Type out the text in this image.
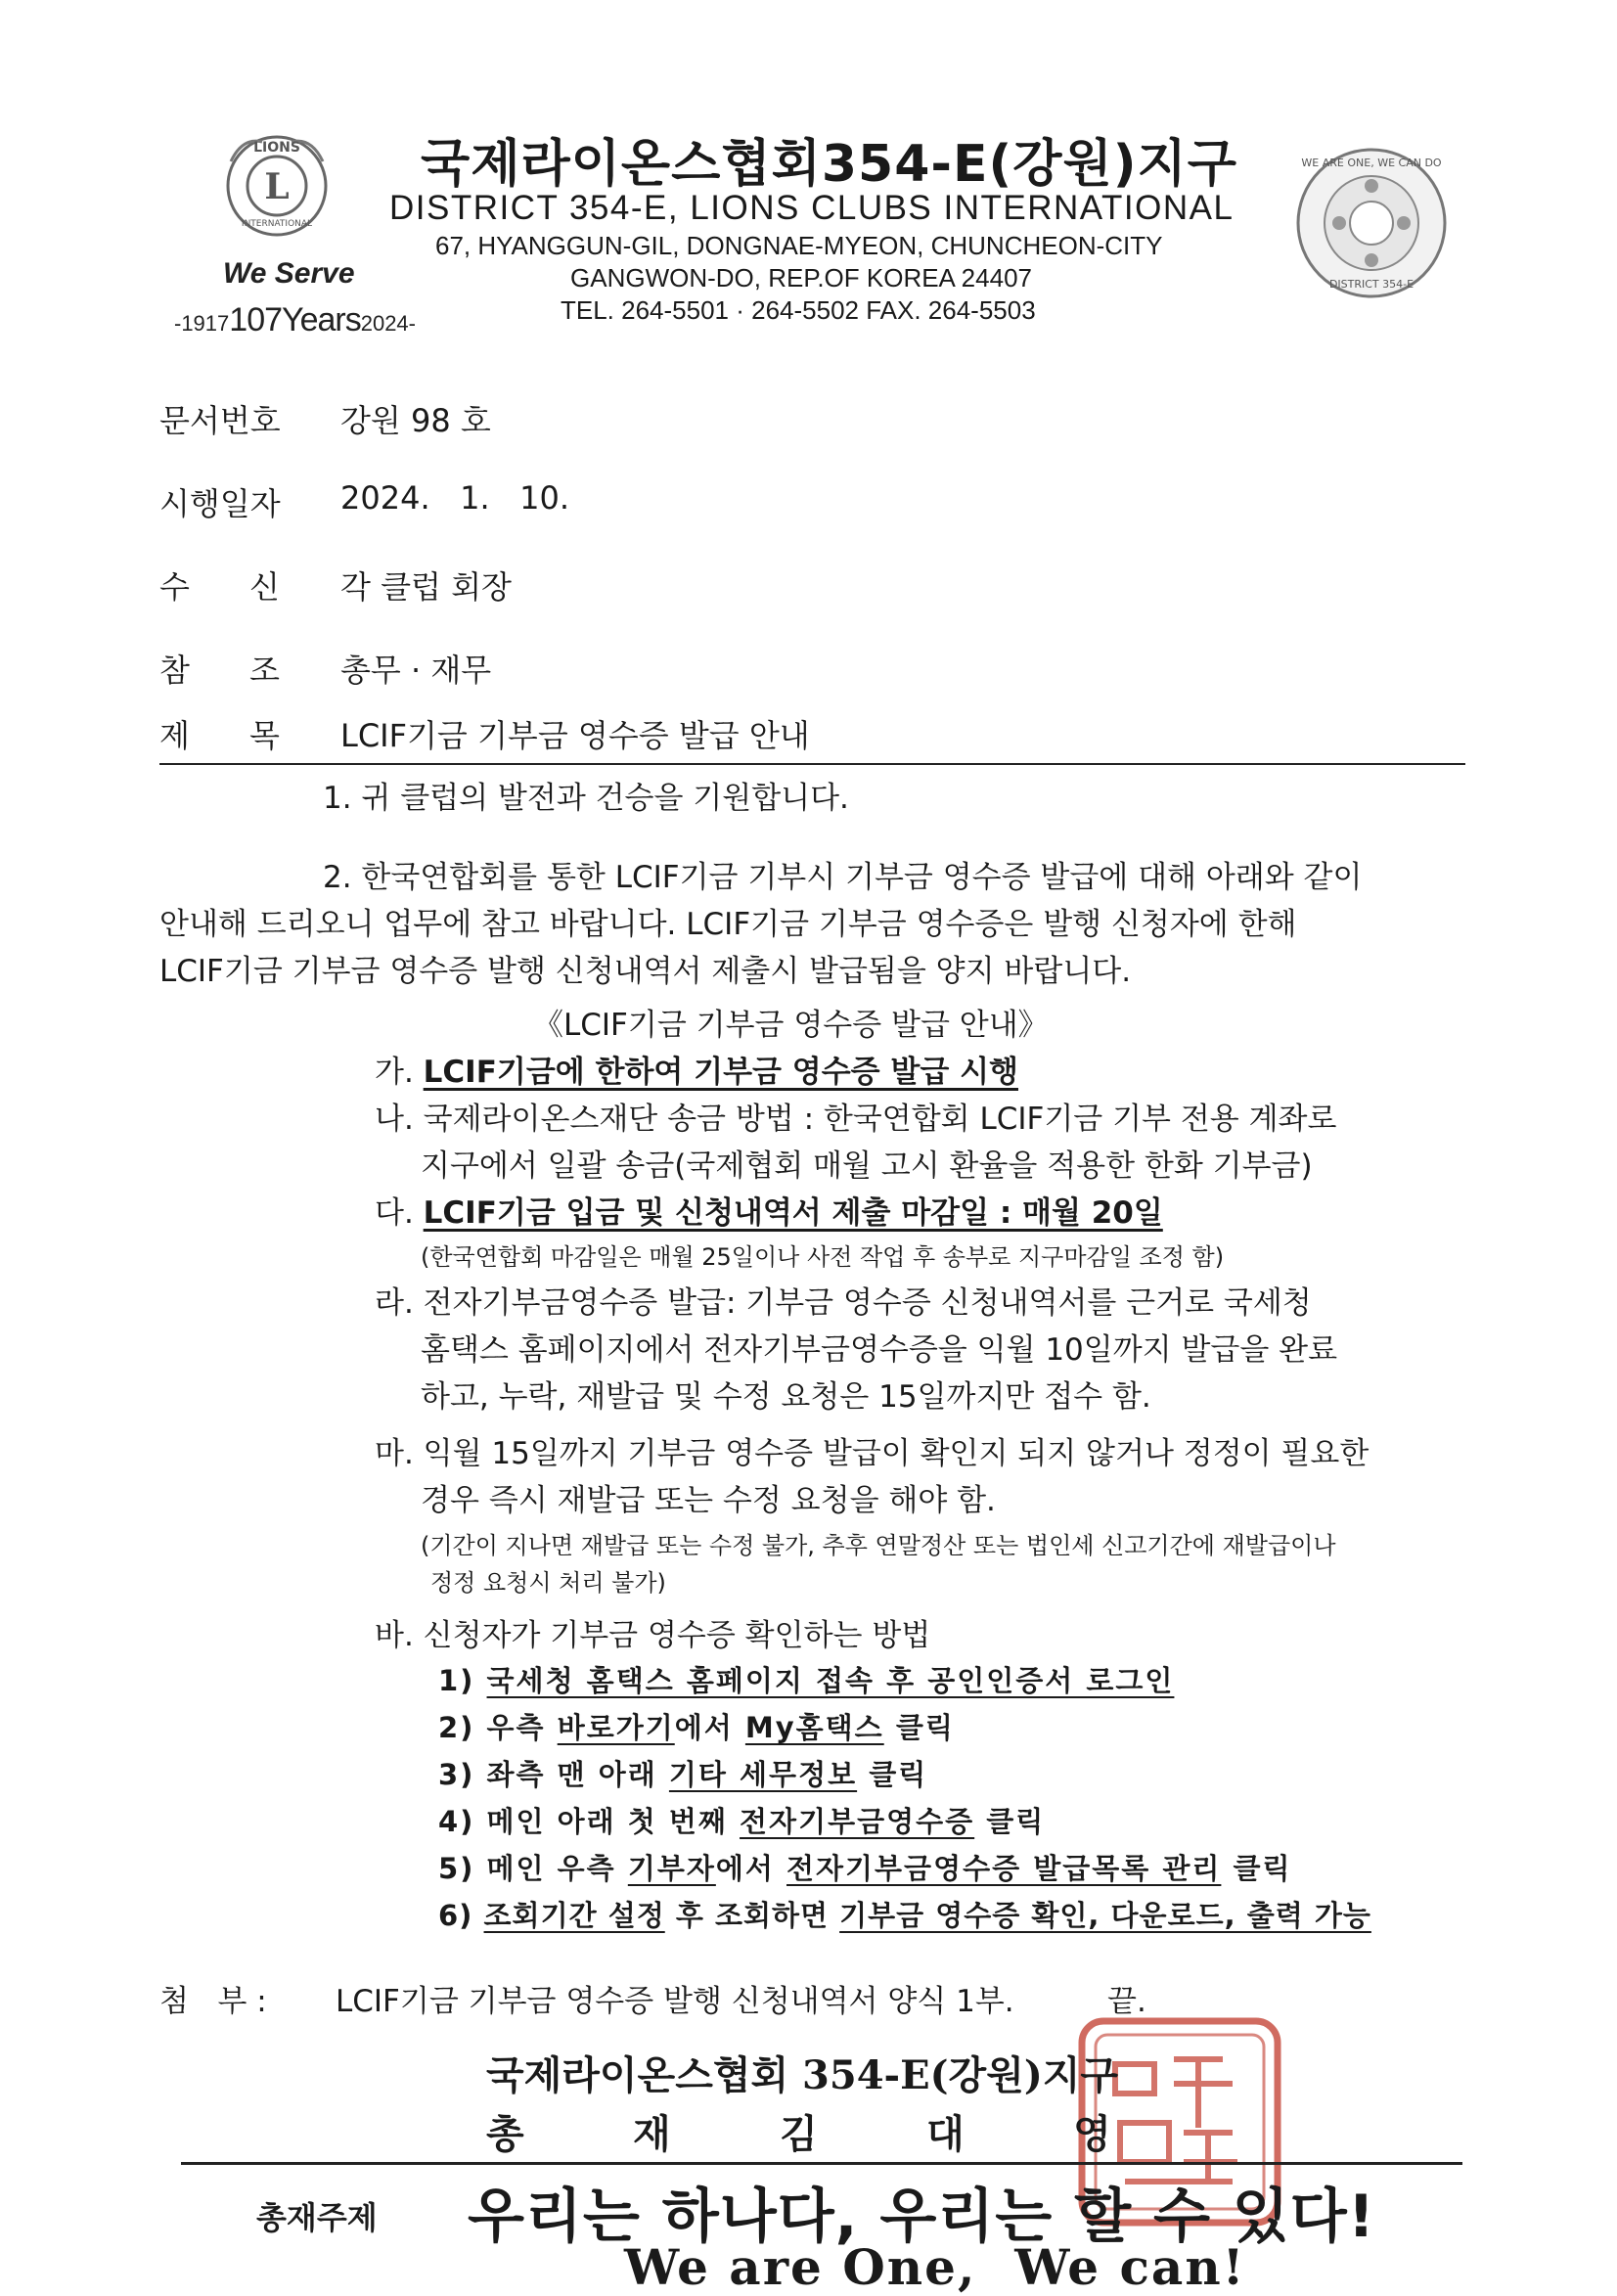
LIONS
L
INTERNATIONAL
We Serve
-1917107Years2024-
국제라이온스협회354-E(강원)지구
DISTRICT 354-E, LIONS CLUBS INTERNATIONAL
67, HYANGGUN-GIL, DONGNAE-MYEON, CHUNCHEON-CITY
GANGWON-DO, REP.OF KOREA 24407
TEL. 264-5501 · 264-5502 FAX. 264-5503
WE ARE ONE, WE CAN DO
DISTRICT 354-E
문서번호 강원 98 호
시행일자 2024.   1.   10.
수      신 각 클럽 회장
참      조 총무 · 재무
제      목 LCIF기금 기부금 영수증 발급 안내
1. 귀 클럽의 발전과 건승을 기원합니다.
2. 한국연합회를 통한 LCIF기금 기부시 기부금 영수증 발급에 대해 아래와 같이
안내해 드리오니 업무에 참고 바랍니다. LCIF기금 기부금 영수증은 발행 신청자에 한해
LCIF기금 기부금 영수증 발행 신청내역서 제출시 발급됨을 양지 바랍니다.
《LCIF기금 기부금 영수증 발급 안내》
가. LCIF기금에 한하여 기부금 영수증 발급 시행
나. 국제라이온스재단 송금 방법 : 한국연합회 LCIF기금 기부 전용 계좌로
지구에서 일괄 송금(국제협회 매월 고시 환율을 적용한 한화 기부금)
다. LCIF기금 입금 및 신청내역서 제출 마감일 : 매월 20일
(한국연합회 마감일은 매월 25일이나 사전 작업 후 송부로 지구마감일 조정 함)
라. 전자기부금영수증 발급: 기부금 영수증 신청내역서를 근거로 국세청
홈택스 홈페이지에서 전자기부금영수증을 익월 10일까지 발급을 완료
하고, 누락, 재발급 및 수정 요청은 15일까지만 접수 함.
마. 익월 15일까지 기부금 영수증 발급이 확인지 되지 않거나 정정이 필요한
경우 즉시 재발급 또는 수정 요청을 해야 함.
(기간이 지나면 재발급 또는 수정 불가, 추후 연말정산 또는 법인세 신고기간에 재발급이나
정정 요청시 처리 불가)
바. 신청자가 기부금 영수증 확인하는 방법
1) 국세청 홈택스 홈페이지 접속 후 공인인증서 로그인
2) 우측 바로가기에서 My홈택스 클릭
3) 좌측 맨 아래 기타 세무정보 클릭
4) 메인 아래 첫 번째 전자기부금영수증 클릭
5) 메인 우측 기부자에서 전자기부금영수증 발급목록 관리 클릭
6) 조회기간 설정 후 조회하면 기부금 영수증 확인, 다운로드, 출력 가능
첨   부 : LCIF기금 기부금 영수증 발행 신청내역서 양식 1부.	끝.
국제라이온스협회 354-E(강원)지구
총        재        김        대        영
총재주제 우리는 하나다, 우리는 할 수 있다!
We are One,  We can!
